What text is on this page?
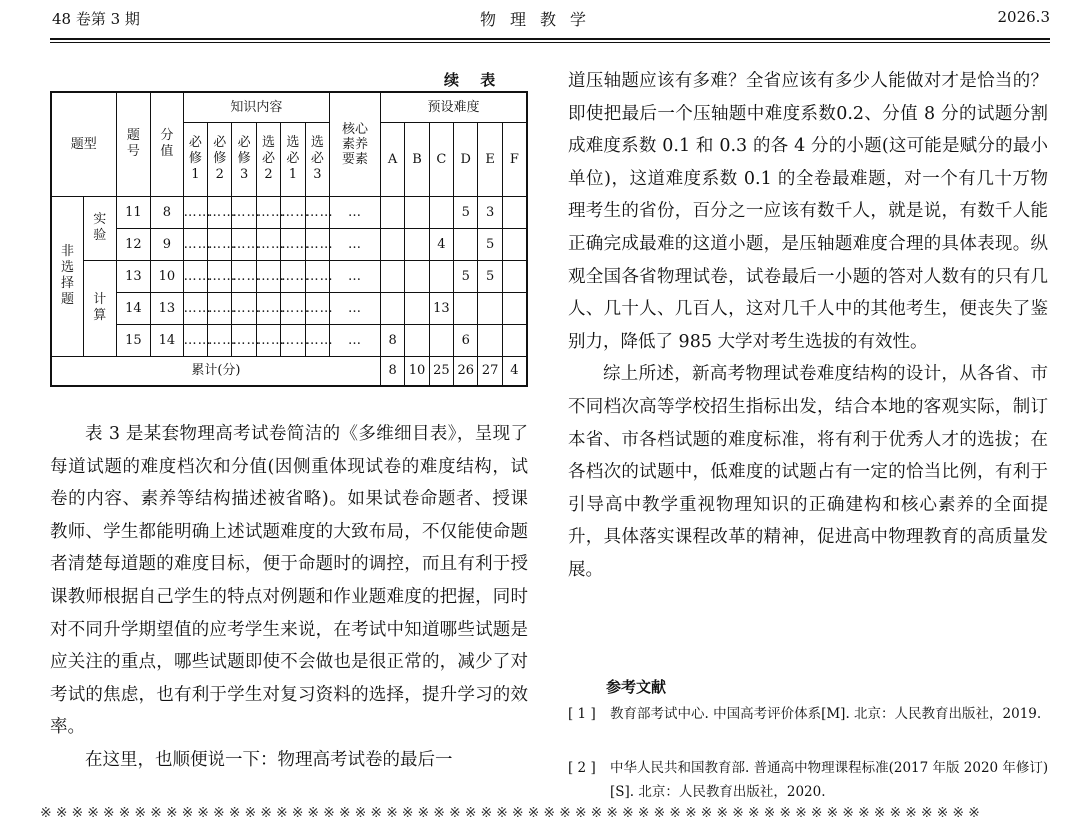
48 卷第 3 期	物理教学	2026.3
续 表
题型		题号	分值	知识内容						核心素养要素	预设难度					
				必修1	必修2	必修3	选必2	选必1	选必3		A	B	C	D	E	F
非选择题	实验	11	8	……	……	……	……	……	……	…				5	3	
		12	9	……	……	……	……	……	……	…			4		5	
	计算	13	10	……	……	……	……	……	……	…				5	5	
		14	13	……	……	……	……	……	……	…			13			
		15	14	……	……	……	……	……	……	…	8			6		
累计(分)											8	10	25	26	27	4

表 3 是某套物理高考试卷简洁的《多维细目表》，呈现了每道试题的难度档次和分值(因侧重体现试卷的难度结构，试卷的内容、素养等结构描述被省略)。如果试卷命题者、授课教师、学生都能明确上述试题难度的大致布局，不仅能使命题者清楚每道题的难度目标，便于命题时的调控，而且有利于授课教师根据自己学生的特点对例题和作业题难度的把握，同时对不同升学期望值的应考学生来说，在考试中知道哪些试题是应关注的重点，哪些试题即使不会做也是很正常的，减少了对考试的焦虑，也有利于学生对复习资料的选择，提升学习的效率。

在这里，也顺便说一下：物理高考试卷的最后一

道压轴题应该有多难？全省应该有多少人能做对才是恰当的？即使把最后一个压轴题中难度系数0.2、分值 8 分的试题分割成难度系数 0.1 和 0.3 的各 4 分的小题(这可能是赋分的最小单位)，这道难度系数 0.1 的全卷最难题，对一个有几十万物理考生的省份，百分之一应该有数千人，就是说，有数千人能正确完成最难的这道小题，是压轴题难度合理的具体表现。纵观全国各省物理试卷，试卷最后一小题的答对人数有的只有几人、几十人、几百人，这对几千人中的其他考生，便丧失了鉴别力，降低了 985 大学对考生选拔的有效性。

综上所述，新高考物理试卷难度结构的设计，从各省、市不同档次高等学校招生指标出发，结合本地的客观实际，制订本省、市各档试题的难度标准，将有利于优秀人才的选拔；在各档次的试题中，低难度的试题占有一定的恰当比例，有利于引导高中教学重视物理知识的正确建构和核心素养的全面提升，具体落实课程改革的精神，促进高中物理教育的高质量发展。

参考文献
[ 1 ] 教育部考试中心. 中国高考评价体系[M]. 北京：人民教育出版社，2019.
[ 2 ] 中华人民共和国教育部. 普通高中物理课程标准(2017 年版 2020 年修订)[S]. 北京：人民教育出版社，2020.
※※※※※※※※※※※※※※※※※※※※※※※※※※※※※※※※※※※※※※※※※※※※※※※※※※※※※※※※※※※※
